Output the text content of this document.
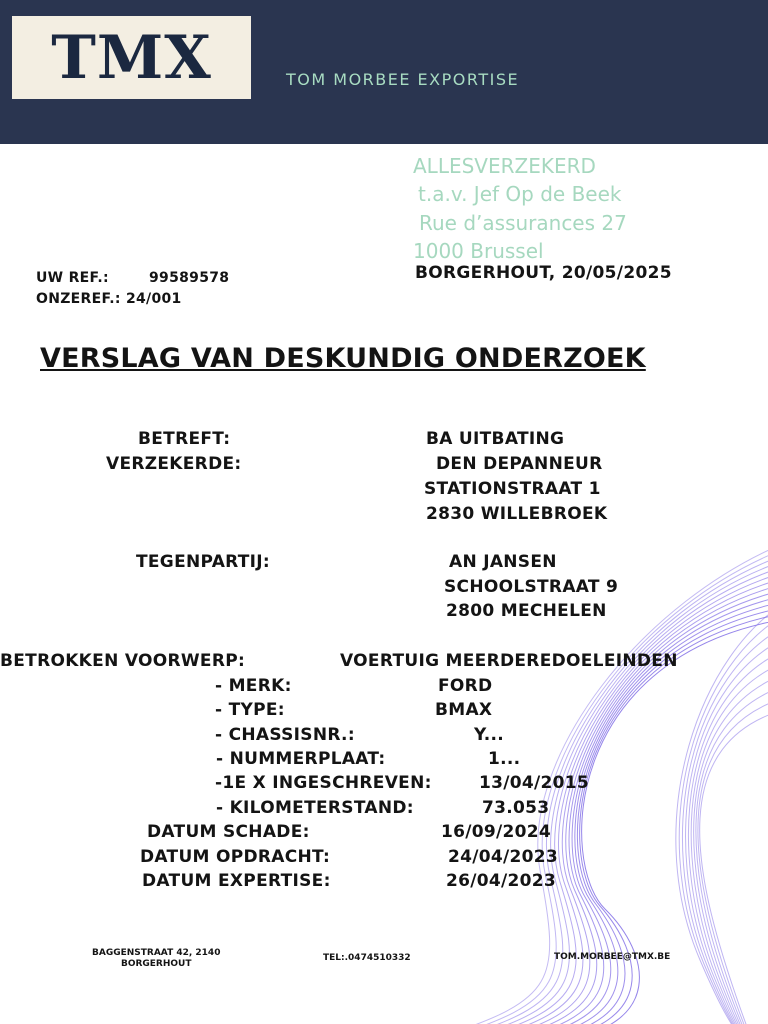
TMX	TOM MORBEE EXPORTISE
ALLESVERZEKERD
t.a.v. Jef Op de Beek
Rue d’assurances 27
1000 Brussel
BORGERHOUT, 20/05/2025
UW REF.:	99589578
ONZEREF.: 24/001
VERSLAG VAN DESKUNDIG ONDERZOEK
BETREFT:	BA UITBATING
VERZEKERDE:	DEN DEPANNEUR
STATIONSTRAAT 1
2830 WILLEBROEK
TEGENPARTIJ:	AN JANSEN
SCHOOLSTRAAT 9
2800 MECHELEN
BETROKKEN VOORWERP:	VOERTUIG MEERDEREDOELEINDEN
- MERK:	FORD
- TYPE:	BMAX
- CHASSISNR.:	Y...
- NUMMERPLAAT:	1...
-1E X INGESCHREVEN:	13/04/2015
- KILOMETERSTAND:	73.053
DATUM SCHADE:	16/09/2024
DATUM OPDRACHT:	24/04/2023
DATUM EXPERTISE:	26/04/2023
BAGGENSTRAAT 42, 2140
BORGERHOUT
TEL:.0474510332	TOM.MORBEE@TMX.BE
